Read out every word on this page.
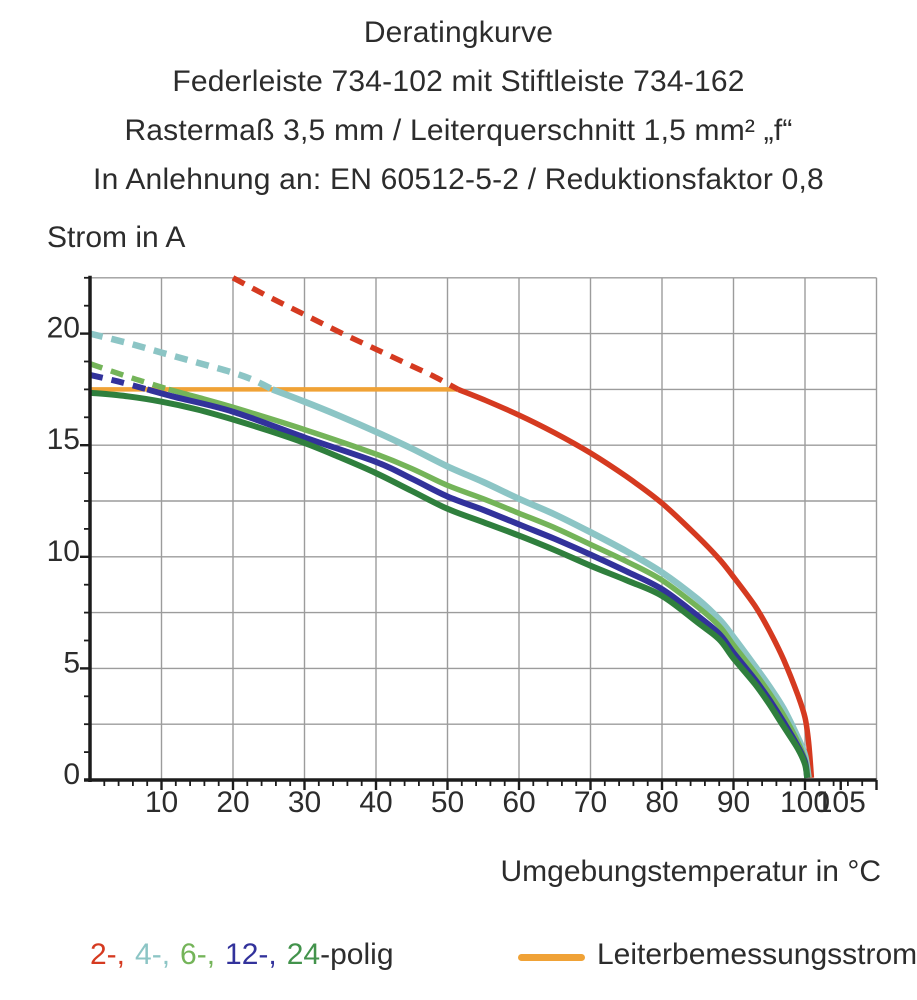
Deratingkurve
Federleiste 734-102 mit Stiftleiste 734-162
Rastermaß 3,5 mm / Leiterquerschnitt 1,5 mm² „f“
In Anlehnung an: EN 60512-5-2 / Reduktionsfaktor 0,8
Strom in A
10 20 30 40 50 60 70 80 90 100
105
0
5
10
15
20
Umgebungstemperatur in °C
2-, 4-, 6-, 12-, 24-polig	Leiterbemessungsstrom
